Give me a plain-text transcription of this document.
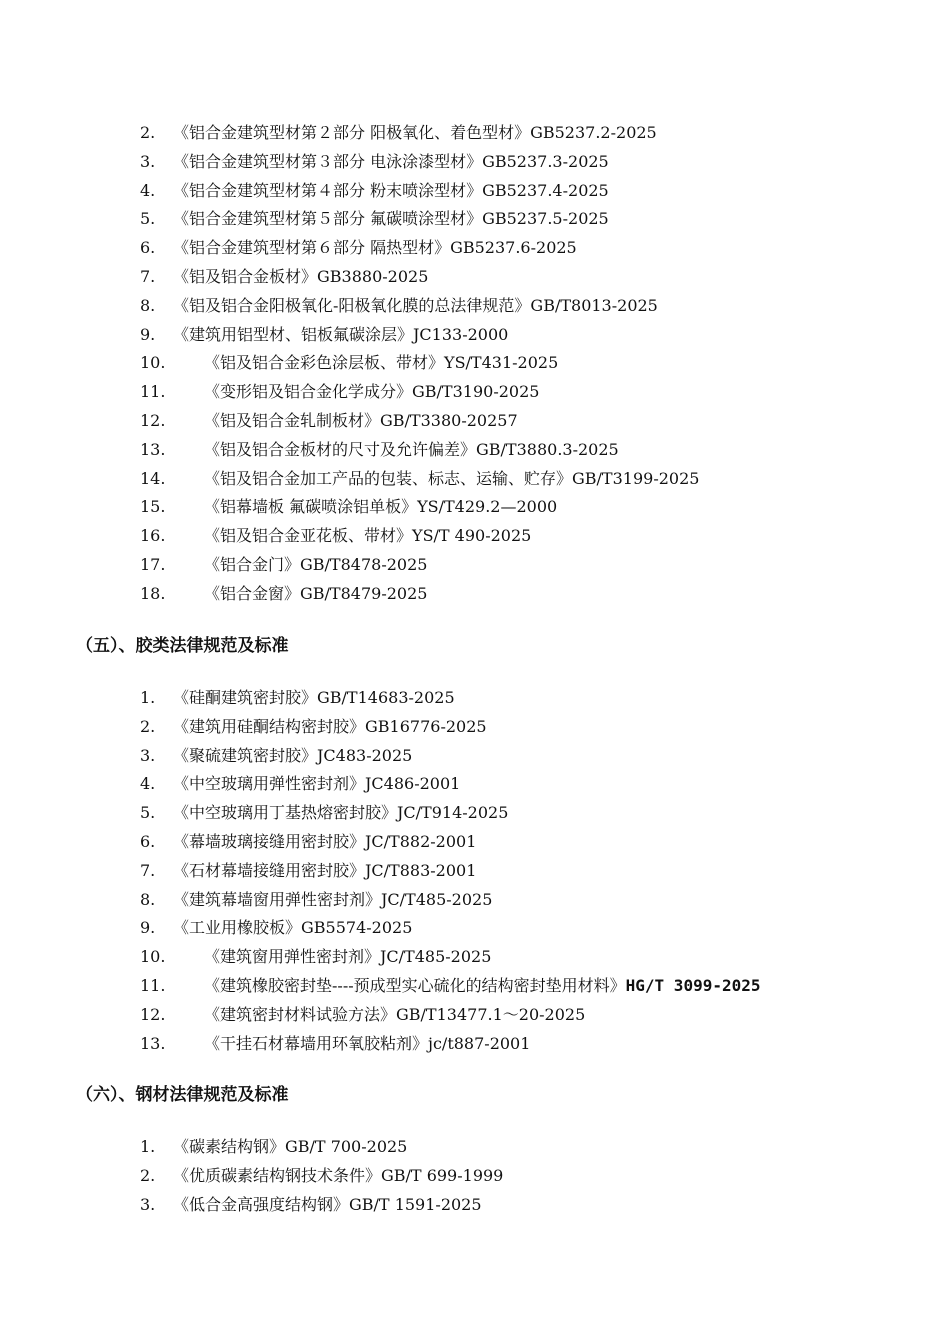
2.	《铝合金建筑型材第２部分 阳极氧化、着色型材》GB5237.2-2025
3.	《铝合金建筑型材第３部分 电泳涂漆型材》GB5237.3-2025
4.	《铝合金建筑型材第４部分 粉末喷涂型材》GB5237.4-2025
5.	《铝合金建筑型材第５部分 氟碳喷涂型材》GB5237.5-2025
6.	《铝合金建筑型材第６部分 隔热型材》GB5237.6-2025
7.	《铝及铝合金板材》GB3880-2025
8.	《铝及铝合金阳极氧化-阳极氧化膜的总法律规范》GB/T8013-2025
9.	《建筑用铝型材、铝板氟碳涂层》JC133-2000
10.	《铝及铝合金彩色涂层板、带材》YS/T431-2025
11.	《变形铝及铝合金化学成分》GB/T3190-2025
12.	《铝及铝合金轧制板材》GB/T3380-20257
13.	《铝及铝合金板材的尺寸及允许偏差》GB/T3880.3-2025
14.	《铝及铝合金加工产品的包装、标志、运输、贮存》GB/T3199-2025
15.	《铝幕墙板 氟碳喷涂铝单板》YS/T429.2—2000
16.	《铝及铝合金亚花板、带材》YS/T 490-2025
17.	《铝合金门》GB/T8478-2025
18.	《铝合金窗》GB/T8479-2025
（五）、胶类法律规范及标准
1.	《硅酮建筑密封胶》GB/T14683-2025
2.	《建筑用硅酮结构密封胶》GB16776-2025
3.	《聚硫建筑密封胶》JC483-2025
4.	《中空玻璃用弹性密封剂》JC486-2001
5.	《中空玻璃用丁基热熔密封胶》JC/T914-2025
6.	《幕墙玻璃接缝用密封胶》JC/T882-2001
7.	《石材幕墙接缝用密封胶》JC/T883-2001
8.	《建筑幕墙窗用弹性密封剂》JC/T485-2025
9.	《工业用橡胶板》GB5574-2025
10.	《建筑窗用弹性密封剂》JC/T485-2025
11.	《建筑橡胶密封垫----预成型实心硫化的结构密封垫用材料》 HG/T 3099-2025
12.	《建筑密封材料试验方法》GB/T13477.1～20-2025
13.	《干挂石材幕墙用环氧胶粘剂》jc/t887-2001
（六）、钢材法律规范及标准
1.	《碳素结构钢》GB/T 700-2025
2.	《优质碳素结构钢技术条件》GB/T 699-1999
3.	《低合金高强度结构钢》GB/T 1591-2025
